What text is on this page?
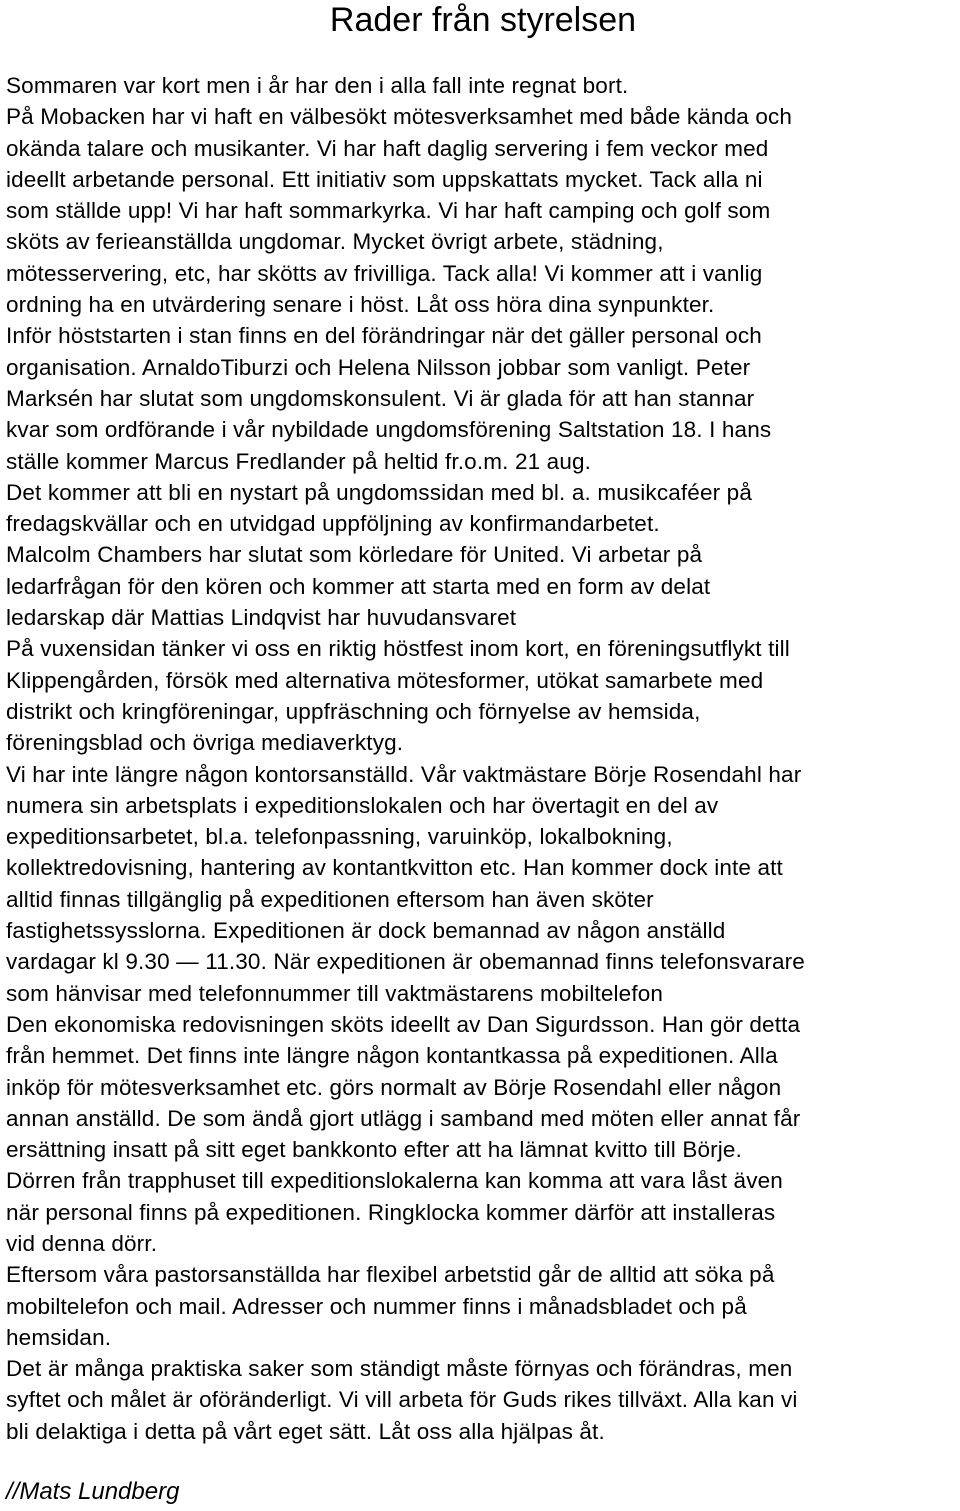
Rader från styrelsen
Sommaren var kort men i år har den i alla fall inte regnat bort.
På Mobacken har vi haft en välbesökt mötesverksamhet med både kända och
okända talare och musikanter. Vi har haft daglig servering i fem veckor med
ideellt arbetande personal. Ett initiativ som uppskattats mycket. Tack alla ni
som ställde upp! Vi har haft sommarkyrka. Vi har haft camping och golf som
sköts av ferieanställda ungdomar. Mycket övrigt arbete, städning,
mötesservering, etc, har skötts av frivilliga. Tack alla! Vi kommer att i vanlig
ordning ha en utvärdering senare i höst. Låt oss höra dina synpunkter.
Inför höststarten i stan finns en del förändringar när det gäller personal och
organisation. ArnaldoTiburzi och Helena Nilsson jobbar som vanligt. Peter
Marksén har slutat som ungdomskonsulent. Vi är glada för att han stannar
kvar som ordförande i vår nybildade ungdomsförening Saltstation 18. I hans
ställe kommer Marcus Fredlander på heltid fr.o.m. 21 aug.
Det kommer att bli en nystart på ungdomssidan med bl. a. musikcaféer på
fredagskvällar och en utvidgad uppföljning av konfirmandarbetet.
Malcolm Chambers har slutat som körledare för United. Vi arbetar på
ledarfrågan för den kören och kommer att starta med en form av delat
ledarskap där Mattias Lindqvist har huvudansvaret
På vuxensidan tänker vi oss en riktig höstfest inom kort, en föreningsutflykt till
Klippengården, försök med alternativa mötesformer, utökat samarbete med
distrikt och kringföreningar, uppfräschning och förnyelse av hemsida,
föreningsblad och övriga mediaverktyg.
Vi har inte längre någon kontorsanställd. Vår vaktmästare Börje Rosendahl har
numera sin arbetsplats i expeditionslokalen och har övertagit en del av
expeditionsarbetet, bl.a. telefonpassning, varuinköp, lokalbokning,
kollektredovisning, hantering av kontantkvitton etc. Han kommer dock inte att
alltid finnas tillgänglig på expeditionen eftersom han även sköter
fastighetssysslorna. Expeditionen är dock bemannad av någon anställd
vardagar kl 9.30 — 11.30. När expeditionen är obemannad finns telefonsvarare
som hänvisar med telefonnummer till vaktmästarens mobiltelefon
Den ekonomiska redovisningen sköts ideellt av Dan Sigurdsson. Han gör detta
från hemmet. Det finns inte längre någon kontantkassa på expeditionen. Alla
inköp för mötesverksamhet etc. görs normalt av Börje Rosendahl eller någon
annan anställd. De som ändå gjort utlägg i samband med möten eller annat får
ersättning insatt på sitt eget bankkonto efter att ha lämnat kvitto till Börje.
Dörren från trapphuset till expeditionslokalerna kan komma att vara låst även
när personal finns på expeditionen. Ringklocka kommer därför att installeras
vid denna dörr.
Eftersom våra pastorsanställda har flexibel arbetstid går de alltid att söka på
mobiltelefon och mail. Adresser och nummer finns i månadsbladet och på
hemsidan.
Det är många praktiska saker som ständigt måste förnyas och förändras, men
syftet och målet är oföränderligt. Vi vill arbeta för Guds rikes tillväxt. Alla kan vi
bli delaktiga i detta på vårt eget sätt. Låt oss alla hjälpas åt.

//Mats Lundberg
